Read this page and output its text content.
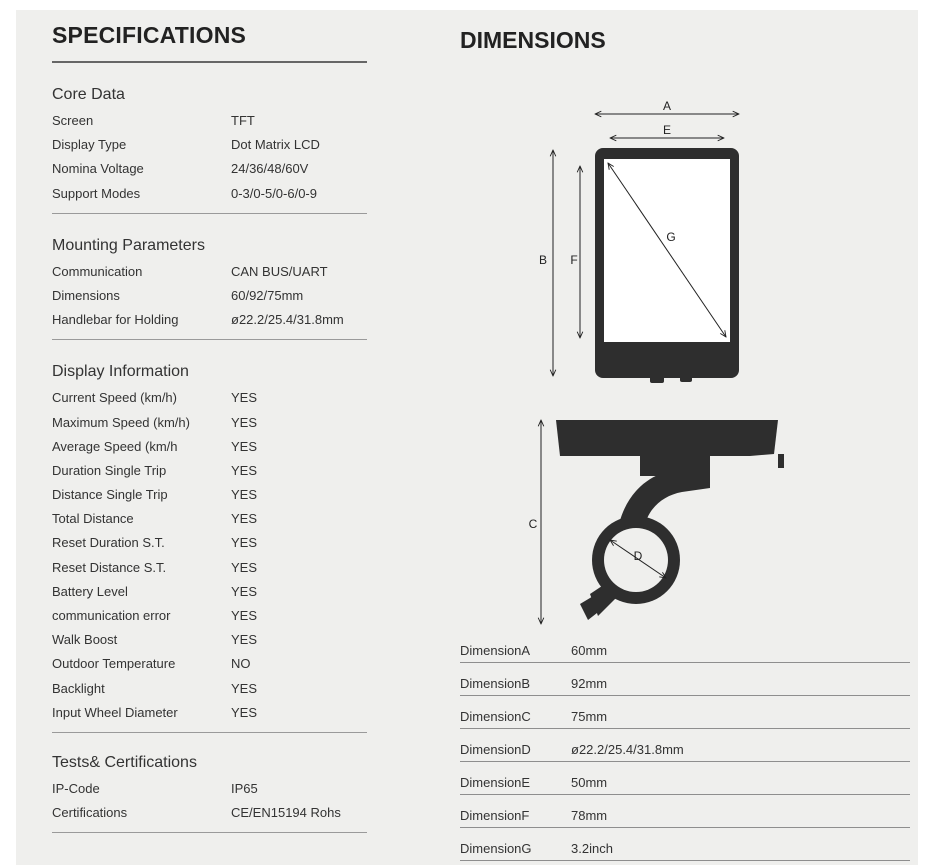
SPECIFICATIONS
Core Data
Screen	TFT
Display Type	Dot Matrix LCD
Nomina Voltage	24/36/48/60V
Support Modes	0-3/0-5/0-6/0-9
Mounting Parameters
Communication	CAN BUS/UART
Dimensions	60/92/75mm
Handlebar for Holding	ø22.2/25.4/31.8mm
Display Information
Current Speed (km/h)	YES
Maximum Speed (km/h)	YES
Average Speed (km/h	YES
Duration Single Trip	YES
Distance Single Trip	YES
Total Distance	YES
Reset Duration S.T.	YES
Reset Distance S.T.	YES
Battery Level	YES
communication error	YES
Walk Boost	YES
Outdoor Temperature	NO
Backlight	YES
Input Wheel Diameter	YES
Tests& Certifications
IP-Code	IP65
Certifications	CE/EN15194 Rohs
DIMENSIONS
A
E
B F
G
C
D
DimensionA	60mm
DimensionB	92mm
DimensionC	75mm
DimensionD	ø22.2/25.4/31.8mm
DimensionE	50mm
DimensionF	78mm
DimensionG	3.2inch
